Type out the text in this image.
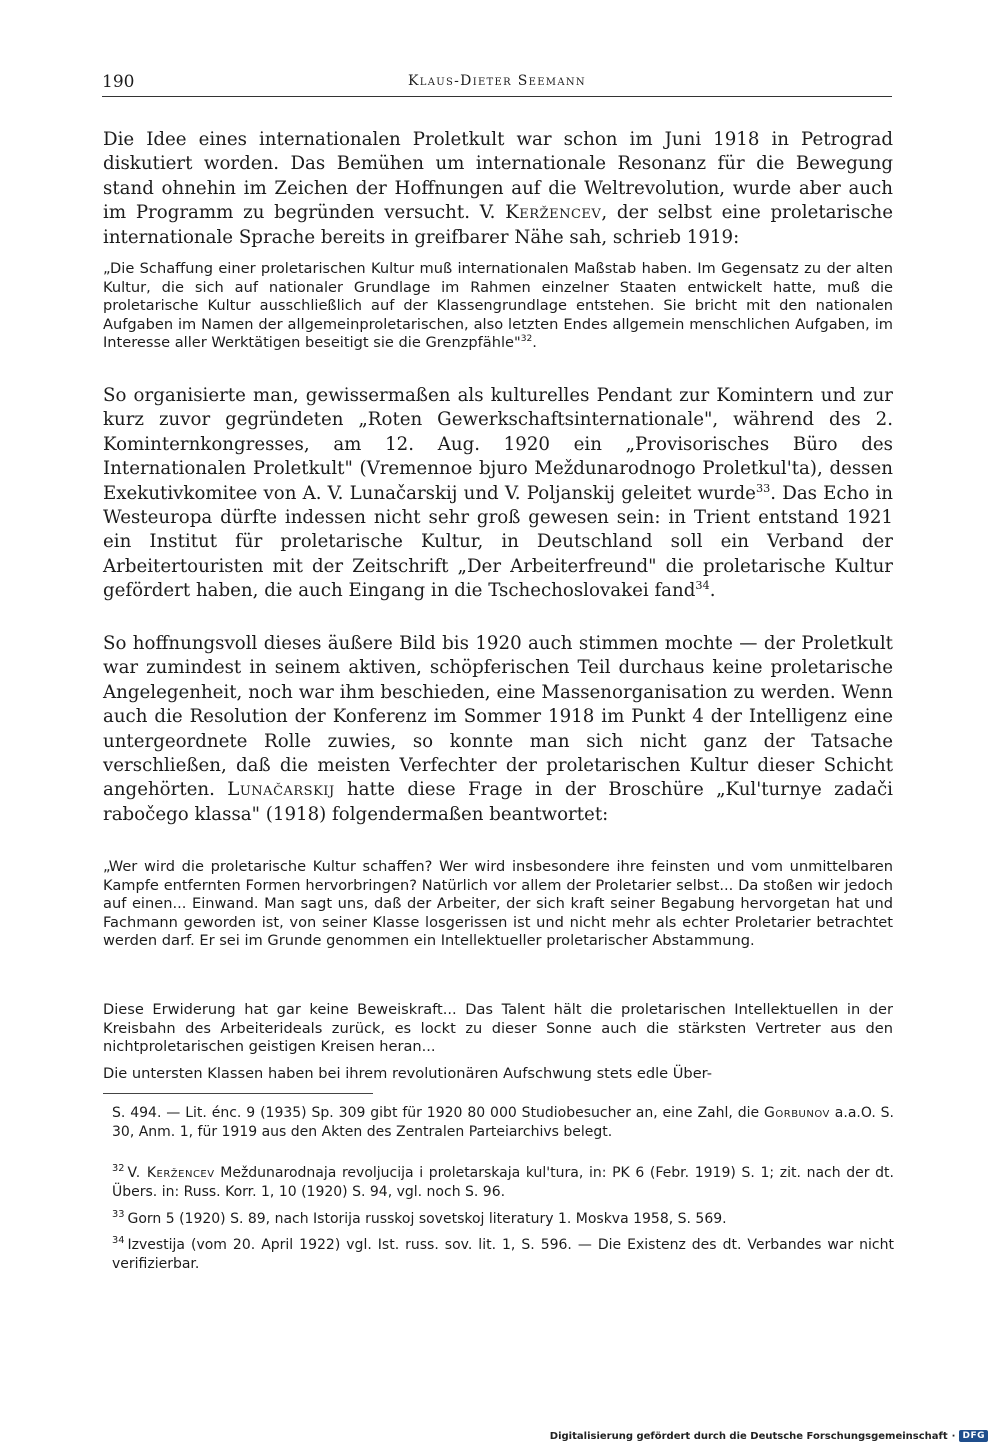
190	Klaus-Dieter Seemann

Die Idee eines internationalen Proletkult war schon im Juni 1918 in Petrograd diskutiert worden. Das Bemühen um internationale Resonanz für die Bewegung stand ohnehin im Zeichen der Hoffnungen auf die Weltrevolution, wurde aber auch im Programm zu begründen versucht. V. Keržencev, der selbst eine proletarische internationale Sprache bereits in greifbarer Nähe sah, schrieb 1919:

So organisierte man, gewissermaßen als kulturelles Pendant zur Komintern und zur kurz zuvor gegründeten „Roten Gewerkschaftsinternationale", während des 2. Kominternkongresses, am 12. Aug. 1920 ein „Provisorisches Büro des Internationalen Proletkult" (Vremennoe bjuro Meždunarodnogo Proletkul'ta), dessen Exekutivkomitee von A. V. Lunačarskij und V. Poljanskij geleitet wurde$^{33}$. Das Echo in Westeuropa dürfte indessen nicht sehr groß gewesen sein: in Trient entstand 1921 ein Institut für proletarische Kultur, in Deutschland soll ein Verband der Arbeitertouristen mit der Zeitschrift „Der Arbeiterfreund" die proletarische Kultur gefördert haben, die auch Eingang in die Tschechoslovakei fand$^{34}$.

So hoffnungsvoll dieses äußere Bild bis 1920 auch stimmen mochte — der Proletkult war zumindest in seinem aktiven, schöpferischen Teil durchaus keine proletarische Angelegenheit, noch war ihm beschieden, eine Massenorganisation zu werden. Wenn auch die Resolution der Konferenz im Sommer 1918 im Punkt 4 der Intelligenz eine untergeordnete Rolle zuwies, so konnte man sich nicht ganz der Tatsache verschließen, daß die meisten Verfechter der proletarischen Kultur dieser Schicht angehörten. Lunačarskij hatte diese Frage in der Broschüre „Kul'turnye zadači rabočego klassa" (1918) folgendermaßen beantwortet:

„Die Schaffung einer proletarischen Kultur muß internationalen Maßstab haben. Im Gegensatz zu der alten Kultur, die sich auf nationaler Grundlage im Rahmen einzelner Staaten entwickelt hatte, muß die proletarische Kultur ausschließlich auf der Klassengrundlage entstehen. Sie bricht mit den nationalen Aufgaben im Namen der allgemeinproletarischen, also letzten Endes allgemein menschlichen Aufgaben, im Interesse aller Werktätigen beseitigt sie die Grenzpfähle"$^{32}$.

„Wer wird die proletarische Kultur schaffen? Wer wird insbesondere ihre feinsten und vom unmittelbaren Kampfe entfernten Formen hervorbringen? Natürlich vor allem der Proletarier selbst... Da stoßen wir jedoch auf einen... Einwand. Man sagt uns, daß der Arbeiter, der sich kraft seiner Begabung hervorgetan hat und Fachmann geworden ist, von seiner Klasse losgerissen ist und nicht mehr als echter Proletarier betrachtet werden darf. Er sei im Grunde genommen ein Intellektueller proletarischer Abstammung.

Diese Erwiderung hat gar keine Beweiskraft... Das Talent hält die proletarischen Intellektuellen in der Kreisbahn des Arbeiterideals zurück, es lockt zu dieser Sonne auch die stärksten Vertreter aus den nichtproletarischen geistigen Kreisen heran...

Die untersten Klassen haben bei ihrem revolutionären Aufschwung stets edle Über-

S. 494. — Lit. énc. 9 (1935) Sp. 309 gibt für 1920 80 000 Studiobesucher an, eine Zahl, die Gorbunov a.a.O. S. 30, Anm. 1, für 1919 aus den Akten des Zentralen Parteiarchivs belegt.

$^{32}$ V. Keržencev Meždunarodnaja revoljucija i proletarskaja kul'tura, in: PK 6 (Febr. 1919) S. 1; zit. nach der dt. Übers. in: Russ. Korr. 1, 10 (1920) S. 94, vgl. noch S. 96.

$^{33}$ Gorn 5 (1920) S. 89, nach Istorija russkoj sovetskoj literatury 1. Moskva 1958, S. 569.

$^{34}$ Izvestija (vom 20. April 1922) vgl. Ist. russ. sov. lit. 1, S. 596. — Die Existenz des dt. Verbandes war nicht verifizierbar.

Digitalisierung gefördert durch die Deutsche Forschungsgemeinschaft · DFG
